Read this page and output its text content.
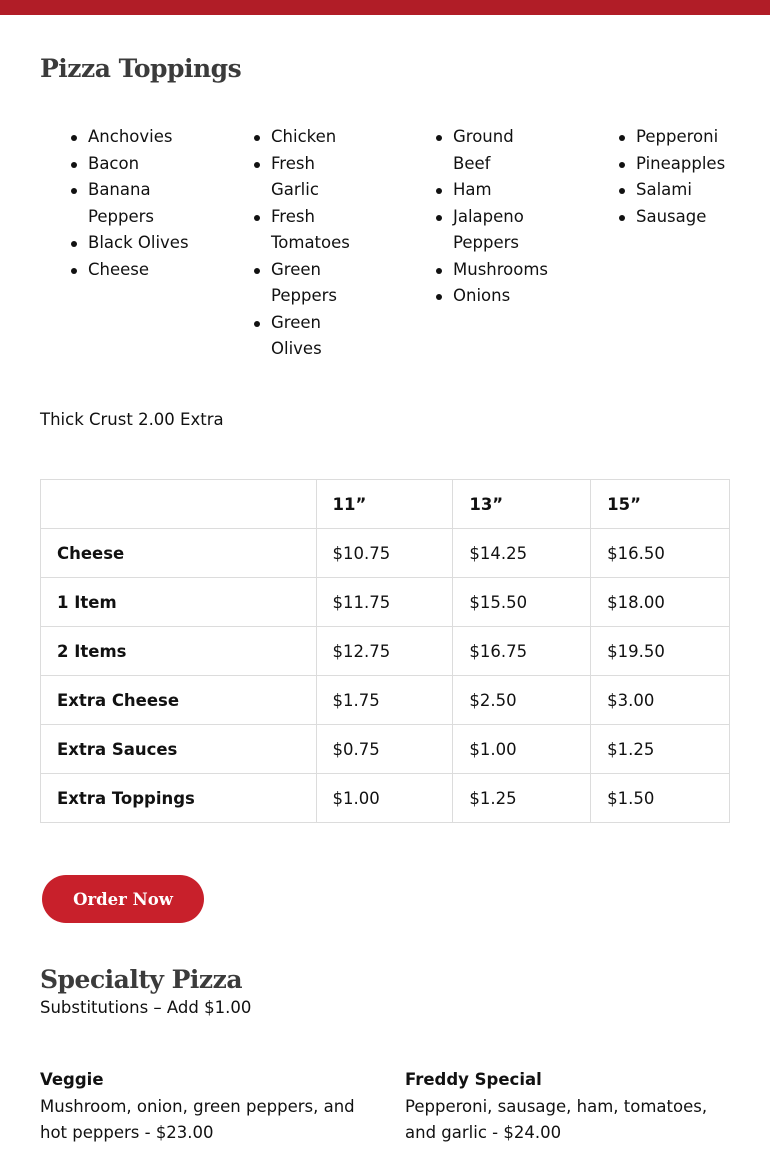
Pizza Toppings
Anchovies
Bacon
Banana
Peppers
Black Olives
Cheese
Chicken
Fresh
Garlic
Fresh
Tomatoes
Green
Peppers
Green
Olives
Ground
Beef
Ham
Jalapeno
Peppers
Mushrooms
Onions
Pepperoni
Pineapples
Salami
Sausage
Thick Crust 2.00 Extra
	11”	13”	15”
Cheese	$10.75	$14.25	$16.50
1 Item	$11.75	$15.50	$18.00
2 Items	$12.75	$16.75	$19.50
Extra Cheese	$1.75	$2.50	$3.00
Extra Sauces	$0.75	$1.00	$1.25
Extra Toppings	$1.00	$1.25	$1.50
Order Now
Specialty Pizza
Substitutions – Add $1.00
Veggie
Mushroom, onion, green peppers, and hot peppers - $23.00
Freddy Special
Pepperoni, sausage, ham, tomatoes, and garlic - $24.00
